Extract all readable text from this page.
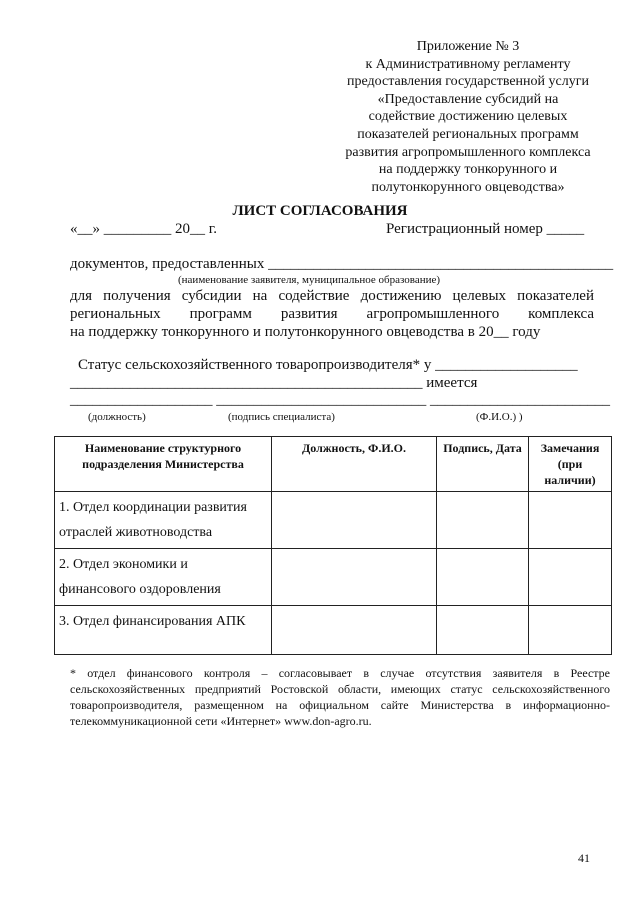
Приложение № 3
к Административному регламенту
предоставления государственной услуги
«Предоставление субсидий на
содействие достижению целевых
показателей региональных программ
развития агропромышленного комплекса
на поддержку тонкорунного и
полутонкорунного овцеводства»
ЛИСТ СОГЛАСОВАНИЯ
«__» _________ 20__ г.	Регистрационный номер _____
документов, предоставленных ______________________________________________
(наименование заявителя, муниципальное образование)
для получения субсидии на содействие достижению целевых показателей
региональных программ развития агропромышленного комплекса
на поддержку тонкорунного и полутонкорунного овцеводства в 20__ году
Статус сельскохозяйственного товаропроизводителя* у ___________________
_______________________________________________ имеется
___________________ ____________________________ ________________________
(должность)	(подпись специалиста)	(Ф.И.О.) )
Наименование структурного подразделения Министерства	Должность, Ф.И.О.	Подпись, Дата	Замечания (при наличии)
1. Отдел координации развития отраслей животноводства			
2. Отдел экономики и финансового оздоровления			
3. Отдел финансирования АПК			
* отдел финансового контроля – согласовывает в случае отсутствия заявителя в Реестре сельскохозяйственных предприятий Ростовской области, имеющих статус сельскохозяйственного товаропроизводителя, размещенном на официальном сайте Министерства в информационно-телекоммуникационной сети «Интернет» www.don-agro.ru.
41
